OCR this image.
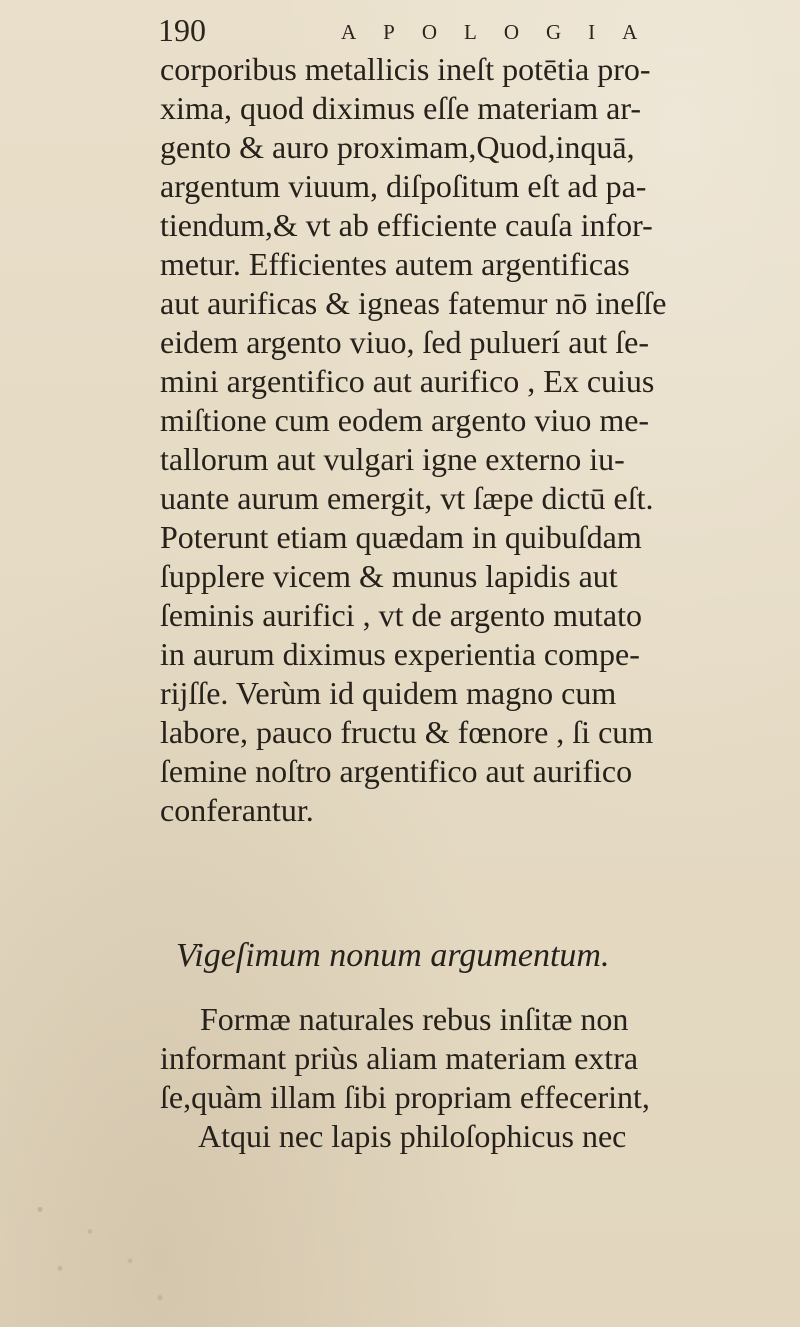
190	APOLOGIA
corporibus metallicis ineſt potētia pro-
xima, quod diximus eſſe materiam ar-
gento & auro proximam,Quod,inquā,
argentum viuum, diſpoſitum eſt ad pa-
tiendum,& vt ab efficiente cauſa infor-
metur. Efficientes autem argentificas
aut aurificas & igneas fatemur nō ineſſe
eidem argento viuo, ſed puluerí aut ſe-
mini argentifico aut aurifico , Ex cuius
miſtione cum eodem argento viuo me-
tallorum aut vulgari igne externo iu-
uante aurum emergit, vt ſæpe dictū eſt.
Poterunt etiam quædam in quibuſdam
ſupplere vicem & munus lapidis aut
ſeminis aurifici , vt de argento mutato
in aurum diximus experientia compe-
rijſſe. Verùm id quidem magno cum
labore, pauco fructu & fœnore , ſi cum
ſemine noſtro argentifico aut aurifico
conferantur.
Vigeſimum nonum argumentum.
Formæ naturales rebus inſitæ non
informant priùs aliam materiam extra
ſe,quàm illam ſibi propriam effecerint,
Atqui nec lapis philoſophicus nec
